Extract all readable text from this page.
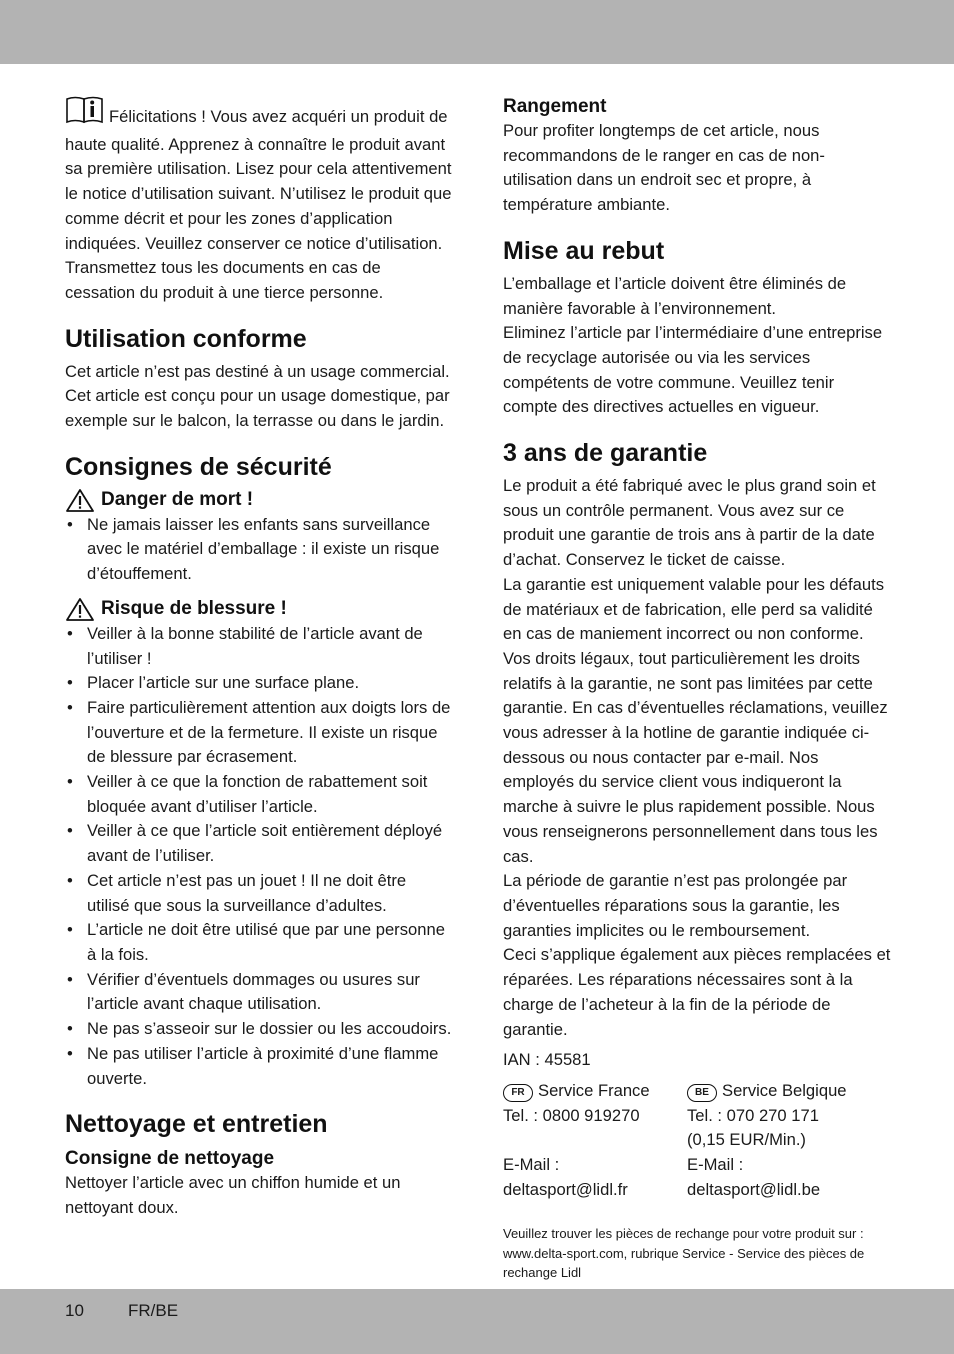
Félicitations ! Vous avez acquéri un produit de haute qualité. Apprenez à connaître le produit avant sa première utilisation. Lisez pour cela attentivement le notice d’utilisation suivant. N’utilisez le produit que comme décrit et pour les zones d’application indiquées. Veuillez conserver ce notice d’utilisation. Transmettez tous les documents en cas de cessation du produit à une tierce personne.

Utilisation conforme

Cet article n’est pas destiné à un usage commercial. Cet article est conçu pour un usage domestique, par exemple sur le balcon, la terrasse ou dans le jardin.

Consignes de sécurité
Danger de mort !
• Ne jamais laisser les enfants sans surveillance avec le matériel d’emballage : il existe un risque d’étouffement.
Risque de blessure !
• Veiller à la bonne stabilité de l’article avant de l’utiliser !
• Placer l’article sur une surface plane.
• Faire particulièrement attention aux doigts lors de l’ouverture et de la fermeture. Il existe un risque de blessure par écrasement.
• Veiller à ce que la fonction de rabattement soit bloquée avant d’utiliser l’article.
• Veiller à ce que l’article soit entièrement déployé avant de l’utiliser.
• Cet article n’est pas un jouet ! Il ne doit être utilisé que sous la surveillance d’adultes.
• L’article ne doit être utilisé que par une personne à la fois.
• Vérifier d’éventuels dommages ou usures sur l’article avant chaque utilisation.
• Ne pas s’asseoir sur le dossier ou les accoudoirs.
• Ne pas utiliser l’article à proximité d’une flamme ouverte.
Nettoyage et entretien
Consigne de nettoyage

Nettoyer l’article avec un chiffon humide et un nettoyant doux.

Rangement

Pour profiter longtemps de cet article, nous recommandons de le ranger en cas de non-utilisation dans un endroit sec et propre, à température ambiante.

Mise au rebut

L’emballage et l’article doivent être éliminés de manière favorable à l’environnement.

Eliminez l’article par l’intermédiaire d’une entreprise de recyclage autorisée ou via les services compétents de votre commune. Veuillez tenir compte des directives actuelles en vigueur.

3 ans de garantie

Le produit a été fabriqué avec le plus grand soin et sous un contrôle permanent. Vous avez sur ce produit une garantie de trois ans à partir de la date d’achat. Conservez le ticket de caisse.

La garantie est uniquement valable pour les défauts de matériaux et de fabrication, elle perd sa validité en cas de maniement incorrect ou non conforme. Vos droits légaux, tout particulièrement les droits relatifs à la garantie, ne sont pas limitées par cette garantie. En cas d’éventuelles réclamations, veuillez vous adresser à la hotline de garantie indiquée ci-dessous ou nous contacter par e-mail. Nos employés du service client vous indiqueront la marche à suivre le plus rapidement possible. Nous vous renseignerons personnellement dans tous les cas.

La période de garantie n’est pas prolongée par d’éventuelles réparations sous la garantie, les garanties implicites ou le remboursement.

Ceci s’applique également aux pièces remplacées et réparées. Les réparations nécessaires sont à la charge de l’acheteur à la fin de la période de garantie.

IAN : 45581

FR Service France

Tel. : 0800 919270

E-Mail :

deltasport@lidl.fr

BE Service Belgique

Tel. : 070 270 171

(0,15 EUR/Min.)

E-Mail :

deltasport@lidl.be

Veuillez trouver les pièces de rechange pour votre produit sur : www.delta-sport.com, rubrique Service - Service des pièces de rechange Lidl

10	FR/BE
